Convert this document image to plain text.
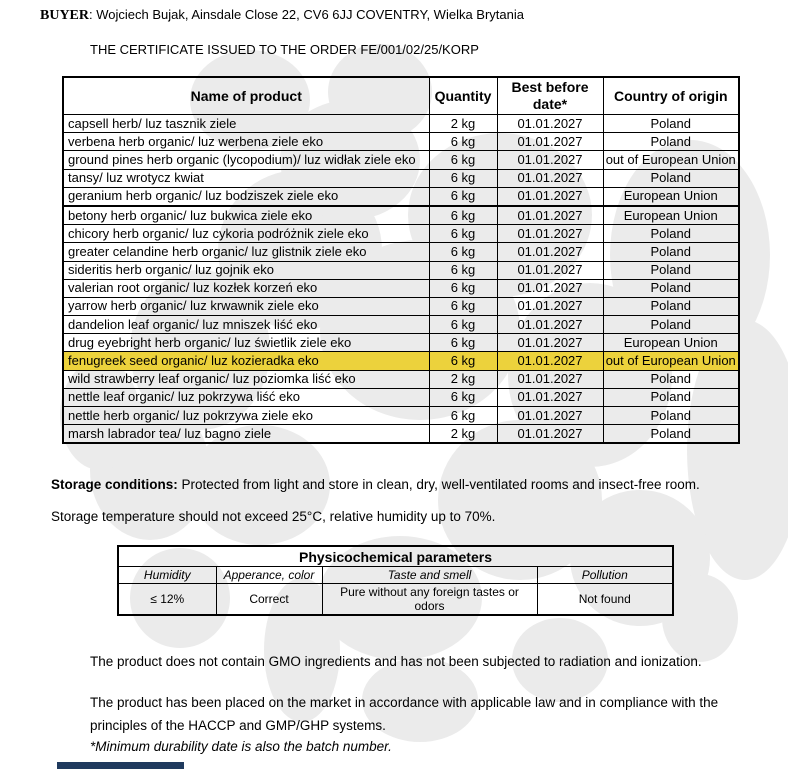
BUYER: Wojciech Bujak, Ainsdale Close 22, CV6 6JJ COVENTRY, Wielka Brytania
THE CERTIFICATE ISSUED TO THE ORDER FE/001/02/25/KORP
Name of product	Quantity	Best before date*	Country of origin
capsell herb/ luz tasznik ziele	2 kg	01.01.2027	Poland
verbena herb organic/ luz werbena ziele eko	6 kg	01.01.2027	Poland
ground pines herb organic (lycopodium)/ luz widłak ziele eko	6 kg	01.01.2027	out of European Union
tansy/ luz wrotycz kwiat	6 kg	01.01.2027	Poland
geranium herb organic/ luz bodziszek ziele eko	6 kg	01.01.2027	European Union
betony herb organic/ luz bukwica ziele eko	6 kg	01.01.2027	European Union
chicory herb organic/ luz cykoria podróżnik ziele eko	6 kg	01.01.2027	Poland
greater celandine herb organic/ luz glistnik ziele eko	6 kg	01.01.2027	Poland
sideritis herb organic/ luz gojnik eko	6 kg	01.01.2027	Poland
valerian root organic/ luz kozłek korzeń eko	6 kg	01.01.2027	Poland
yarrow herb organic/ luz krwawnik ziele eko	6 kg	01.01.2027	Poland
dandelion leaf organic/ luz mniszek liść eko	6 kg	01.01.2027	Poland
drug eyebright herb organic/ luz świetlik ziele eko	6 kg	01.01.2027	European Union
fenugreek seed organic/ luz kozieradka eko	6 kg	01.01.2027	out of European Union
wild strawberry leaf organic/ luz poziomka liść eko	2 kg	01.01.2027	Poland
nettle leaf organic/ luz pokrzywa liść eko	6 kg	01.01.2027	Poland
nettle herb organic/ luz pokrzywa ziele eko	6 kg	01.01.2027	Poland
marsh labrador tea/ luz bagno ziele	2 kg	01.01.2027	Poland

Storage conditions: Protected from light and store in clean, dry, well-ventilated rooms and insect-free room.

Storage temperature should not exceed 25°C, relative humidity up to 70%.

Physicochemical parameters			
Humidity	Apperance, color	Taste and smell	Pollution
≤ 12%	Correct	Pure without any foreign tastes or odors	Not found
The product does not contain GMO ingredients and has not been subjected to radiation and ionization.
The product has been placed on the market in accordance with applicable law and in compliance with the principles of the HACCP and GMP/GHP systems.
*Minimum durability date is also the batch number.
